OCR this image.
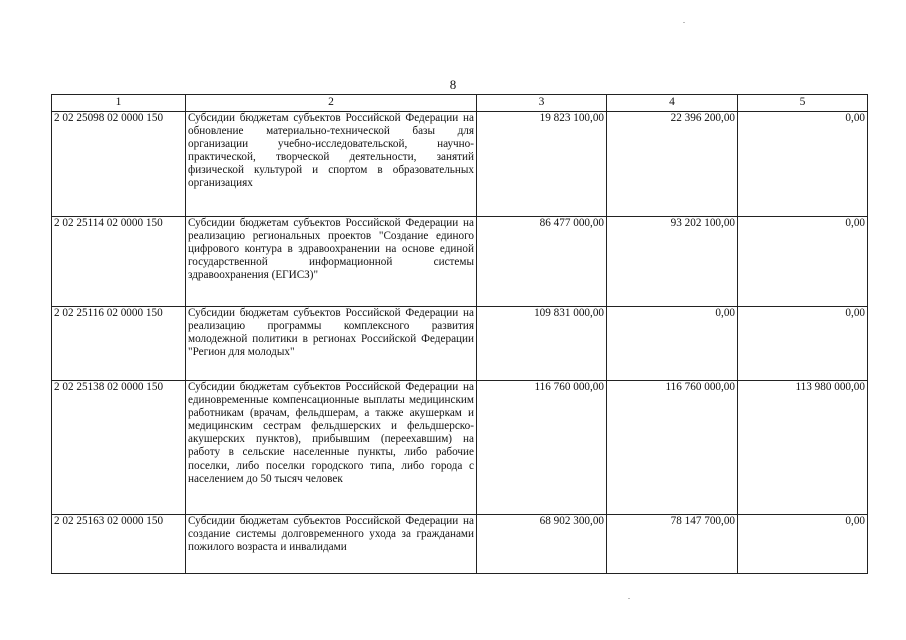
8
1	2	3	4	5
2 02 25098 02 0000 150	Субсидии бюджетам субъектов Российской Федерации на обновление материально-технической базы для организации учебно-исследовательской, научно-практической, творческой деятельности, занятий физической культурой и спортом в образовательных организациях	19 823 100,00	22 396 200,00	0,00
2 02 25114 02 0000 150	Субсидии бюджетам субъектов Российской Федерации на реализацию региональных проектов "Создание единого цифрового контура в здравоохранении на основе единой государственной информационной системы здравоохранения (ЕГИСЗ)"	86 477 000,00	93 202 100,00	0,00
2 02 25116 02 0000 150	Субсидии бюджетам субъектов Российской Федерации на реализацию программы комплексного развития молодежной политики в регионах Российской Федерации "Регион для молодых"	109 831 000,00	0,00	0,00
2 02 25138 02 0000 150	Субсидии бюджетам субъектов Российской Федерации на единовременные компенсационные выплаты медицинским работникам (врачам, фельдшерам, а также акушеркам и медицинским сестрам фельдшерских и фельдшерско-акушерских пунктов), прибывшим (переехавшим) на работу в сельские населенные пункты, либо рабочие поселки, либо поселки городского типа, либо города с населением до 50 тысяч человек	116 760 000,00	116 760 000,00	113 980 000,00
2 02 25163 02 0000 150	Субсидии бюджетам субъектов Российской Федерации на создание системы долговременного ухода за гражданами пожилого возраста и инвалидами	68 902 300,00	78 147 700,00	0,00
